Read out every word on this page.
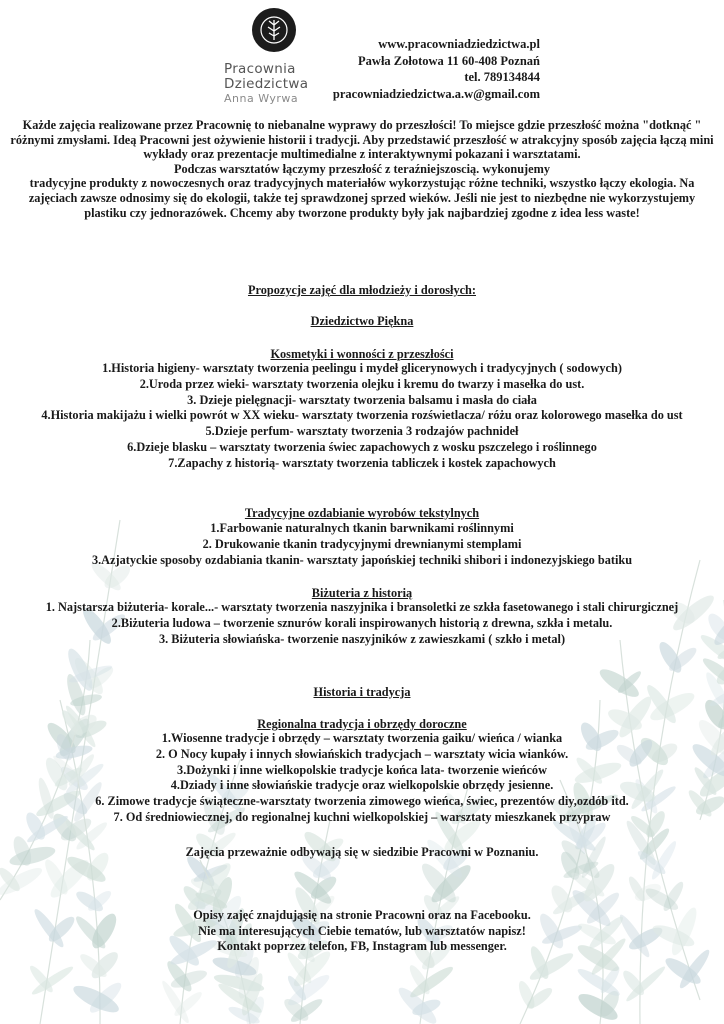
Pracownia
Dziedzictwa
Anna Wyrwa
www.pracowniadziedzictwa.pl
Pawła Zołotowa 11 60-408 Poznań
tel. 789134844
pracowniadziedzictwa.a.w@gmail.com

Każde zajęcia realizowane przez Pracownię to niebanalne wyprawy do przeszłości! To miejsce gdzie przeszłość można "dotknąć " różnymi zmysłami. Ideą Pracowni jest ożywienie historii i tradycji. Aby przedstawić przeszłość w atrakcyjny sposób zajęcia łączą mini wykłady oraz prezentacje multimedialne z interaktywnymi pokazani i warsztatami.

Podczas warsztatów łączymy przeszłość z teraźniejszoscią. wykonujemy

tradycyjne produkty z nowoczesnych oraz tradycyjnych materiałów wykorzystując różne techniki, wszystko łączy ekologia. Na zajęciach zawsze odnosimy się do ekologii, także tej sprawdzonej sprzed wieków. Jeśli nie jest to niezbędne nie wykorzystujemy plastiku czy jednorazówek. Chcemy aby tworzone produkty były jak najbardziej zgodne z idea less waste!

Propozycje zajęć dla młodzieży i dorosłych:
Dziedzictwo Piękna
Kosmetyki i wonności z przeszłości
1.Historia higieny- warsztaty tworzenia peelingu i mydeł glicerynowych i tradycyjnych ( sodowych)
2.Uroda przez wieki- warsztaty tworzenia olejku i kremu do twarzy i masełka do ust.
3. Dzieje pielęgnacji- warsztaty tworzenia balsamu i masła do ciała
4.Historia makijażu i wielki powrót w XX wieku- warsztaty tworzenia rozświetlacza/ różu oraz kolorowego masełka do ust
5.Dzieje perfum- warsztaty tworzenia 3 rodzajów pachnideł
6.Dzieje blasku – warsztaty tworzenia świec zapachowych z wosku pszczelego i roślinnego
7.Zapachy z historią- warsztaty tworzenia tabliczek i kostek zapachowych
Tradycyjne ozdabianie wyrobów tekstylnych
1.Farbowanie naturalnych tkanin barwnikami roślinnymi
2. Drukowanie tkanin tradycyjnymi drewnianymi stemplami
3.Azjatyckie sposoby ozdabiania tkanin- warsztaty japońskiej techniki shibori i indonezyjskiego batiku
Biżuteria z historią
1. Najstarsza biżuteria- korale...- warsztaty tworzenia naszyjnika i bransoletki ze szkła fasetowanego i stali chirurgicznej
2.Biżuteria ludowa – tworzenie sznurów korali inspirowanych historią z drewna, szkła i metalu.
3. Biżuteria słowiańska- tworzenie naszyjników z zawieszkami ( szkło i metal)
Historia i tradycja
Regionalna tradycja i obrzędy doroczne
1.Wiosenne tradycje i obrzędy – warsztaty tworzenia gaiku/ wieńca / wianka
2. O Nocy kupały i innych słowiańskich tradycjach – warsztaty wicia wianków.
3.Dożynki i inne wielkopolskie tradycje końca lata- tworzenie wieńców
4.Dziady i inne słowiańskie tradycje oraz wielkopolskie obrzędy jesienne.
6. Zimowe tradycje świąteczne-warsztaty tworzenia zimowego wieńca, świec, prezentów diy,ozdób itd.
7. Od średniowiecznej, do regionalnej kuchni wielkopolskiej – warsztaty mieszkanek przypraw
Zajęcia przeważnie odbywają się w siedzibie Pracowni w Poznaniu.
Opisy zajęć znajdująsię na stronie Pracowni oraz na Facebooku.
Nie ma interesujących Ciebie tematów, lub warsztatów napisz!
Kontakt poprzez telefon, FB, Instagram lub messenger.
